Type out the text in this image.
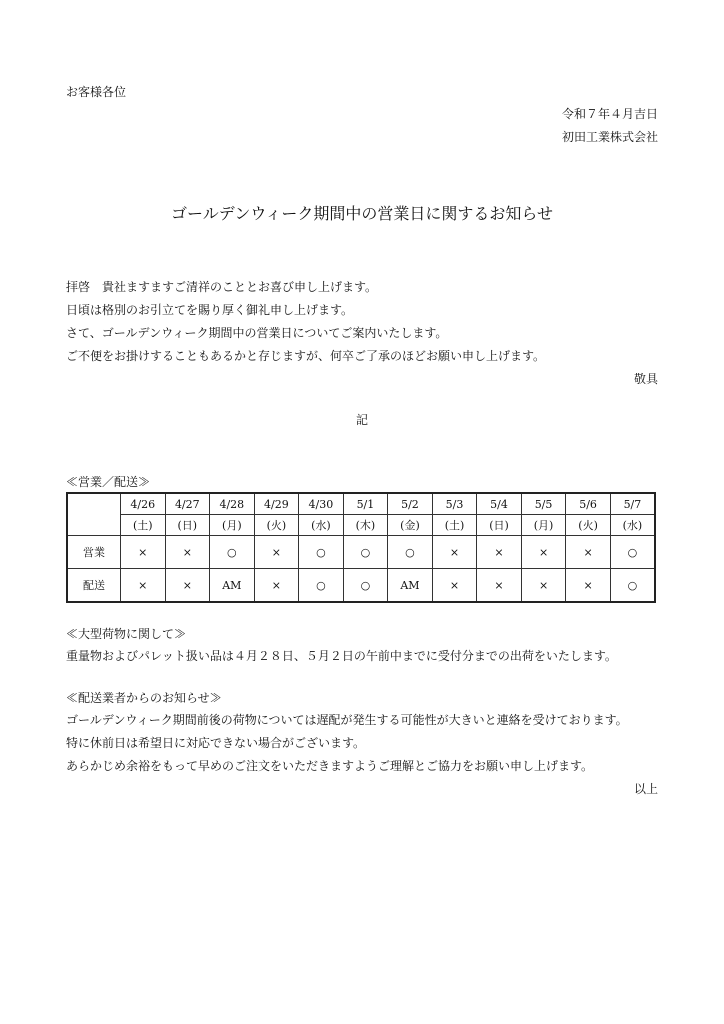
お客様各位
令和７年４月吉日
初田工業株式会社
ゴールデンウィーク期間中の営業日に関するお知らせ
拝啓　貴社ますますご清祥のこととお喜び申し上げます。
日頃は格別のお引立てを賜り厚く御礼申し上げます。
さて、ゴールデンウィーク期間中の営業日についてご案内いたします。
ご不便をお掛けすることもあるかと存じますが、何卒ご了承のほどお願い申し上げます。
敬具
記
≪営業／配送≫
	4/26	4/27	4/28	4/29	4/30	5/1	5/2	5/3	5/4	5/5	5/6	5/7
	(土)	(日)	(月)	(火)	(水)	(木)	(金)	(土)	(日)	(月)	(火)	(水)
営業	×	×	○	×	○	○	○	×	×	×	×	○
配送	×	×	AM	×	○	○	AM	×	×	×	×	○
≪大型荷物に関して≫
重量物およびパレット扱い品は４月２８日、５月２日の午前中までに受付分までの出荷をいたします。
≪配送業者からのお知らせ≫
ゴールデンウィーク期間前後の荷物については遅配が発生する可能性が大きいと連絡を受けております。
特に休前日は希望日に対応できない場合がございます。
あらかじめ余裕をもって早めのご注文をいただきますようご理解とご協力をお願い申し上げます。
以上
